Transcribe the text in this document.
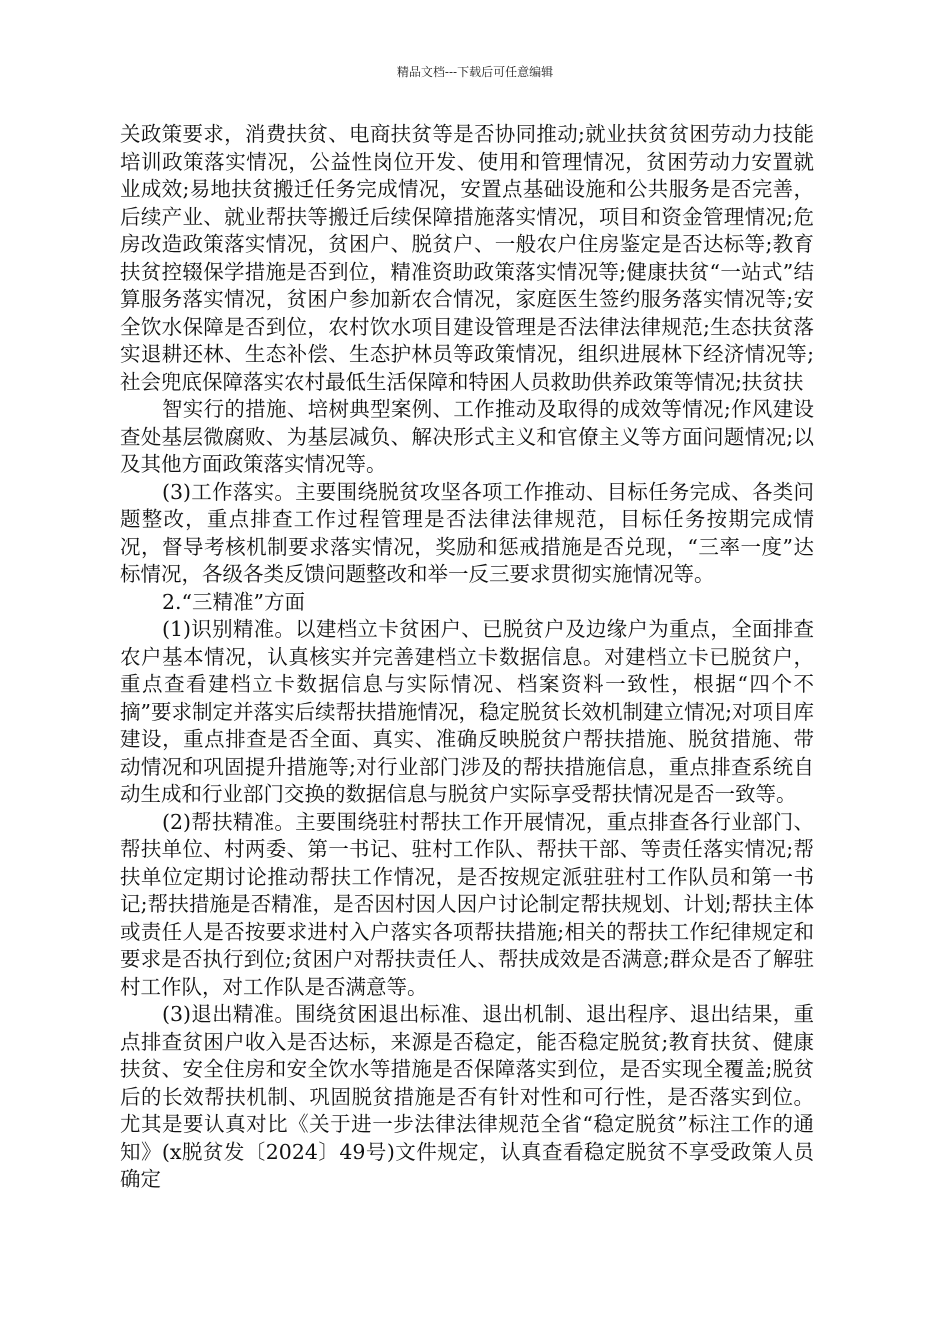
精品文档---下载后可任意编辑

关政策要求，消费扶贫、电商扶贫等是否协同推动;就业扶贫贫困劳动力技能培训政策落实情况，公益性岗位开发、使用和管理情况，贫困劳动力安置就业成效;易地扶贫搬迁任务完成情况，安置点基础设施和公共服务是否完善，后续产业、就业帮扶等搬迁后续保障措施落实情况，项目和资金管理情况;危房改造政策落实情况，贫困户、脱贫户、一般农户住房鉴定是否达标等;教育扶贫控辍保学措施是否到位，精准资助政策落实情况等;健康扶贫“一站式”结算服务落实情况，贫困户参加新农合情况，家庭医生签约服务落实情况等;安全饮水保障是否到位，农村饮水项目建设管理是否法律法律规范;生态扶贫落实退耕还林、生态补偿、生态护林员等政策情况，组织进展林下经济情况等;社会兜底保障落实农村最低生活保障和特困人员救助供养政策等情况;扶贫扶

智实行的措施、培树典型案例、工作推动及取得的成效等情况;作风建设查处基层微腐败、为基层减负、解决形式主义和官僚主义等方面问题情况;以及其他方面政策落实情况等。

(3)工作落实。主要围绕脱贫攻坚各项工作推动、目标任务完成、各类问题整改，重点排查工作过程管理是否法律法律规范，目标任务按期完成情况，督导考核机制要求落实情况，奖励和惩戒措施是否兑现，“三率一度”达标情况，各级各类反馈问题整改和举一反三要求贯彻实施情况等。

2.“三精准”方面

(1)识别精准。以建档立卡贫困户、已脱贫户及边缘户为重点，全面排查农户基本情况，认真核实并完善建档立卡数据信息。对建档立卡已脱贫户，重点查看建档立卡数据信息与实际情况、档案资料一致性，根据“四个不摘”要求制定并落实后续帮扶措施情况，稳定脱贫长效机制建立情况;对项目库建设，重点排查是否全面、真实、准确反映脱贫户帮扶措施、脱贫措施、带动情况和巩固提升措施等;对行业部门涉及的帮扶措施信息，重点排查系统自动生成和行业部门交换的数据信息与脱贫户实际享受帮扶情况是否一致等。

(2)帮扶精准。主要围绕驻村帮扶工作开展情况，重点排查各行业部门、帮扶单位、村两委、第一书记、驻村工作队、帮扶干部、等责任落实情况;帮扶单位定期讨论推动帮扶工作情况，是否按规定派驻驻村工作队员和第一书记;帮扶措施是否精准，是否因村因人因户讨论制定帮扶规划、计划;帮扶主体或责任人是否按要求进村入户落实各项帮扶措施;相关的帮扶工作纪律规定和要求是否执行到位;贫困户对帮扶责任人、帮扶成效是否满意;群众是否了解驻村工作队，对工作队是否满意等。

(3)退出精准。围绕贫困退出标准、退出机制、退出程序、退出结果，重点排查贫困户收入是否达标，来源是否稳定，能否稳定脱贫;教育扶贫、健康扶贫、安全住房和安全饮水等措施是否保障落实到位，是否实现全覆盖;脱贫后的长效帮扶机制、巩固脱贫措施是否有针对性和可行性，是否落实到位。尤其是要认真对比《关于进一步法律法律规范全省“稳定脱贫”标注工作的通知》(x脱贫发〔2024〕49号)文件规定，认真查看稳定脱贫不享受政策人员确定
